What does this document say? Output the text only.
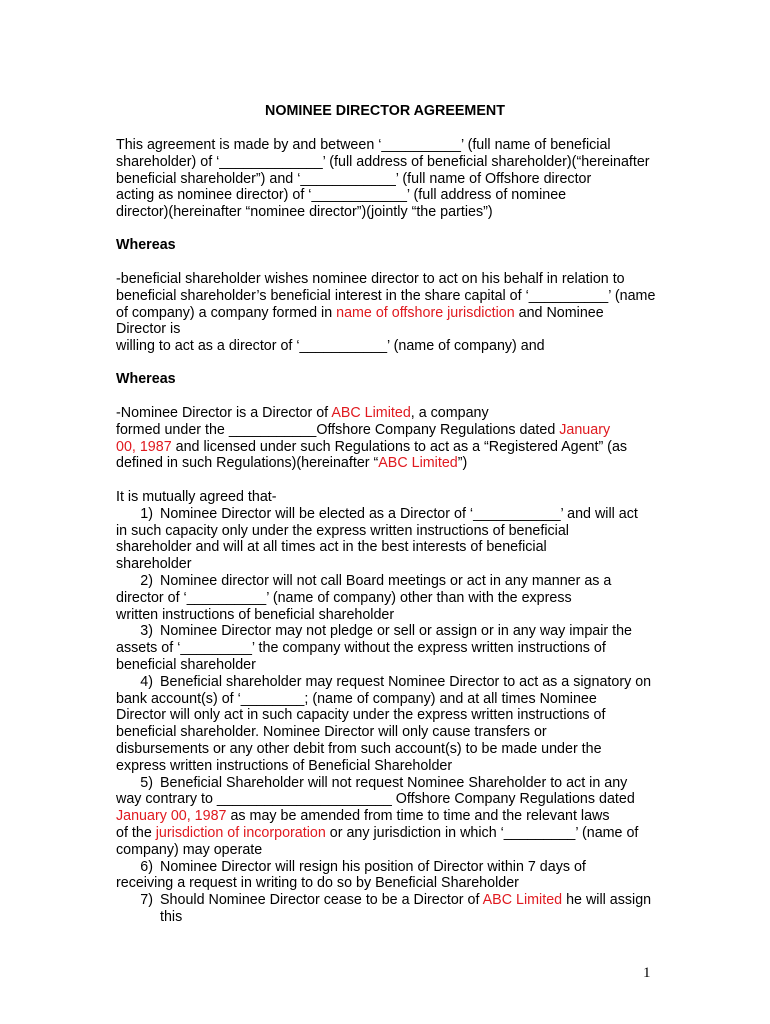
NOMINEE DIRECTOR AGREEMENT
This agreement is made by and between ‘__________’ (full name of beneficial
shareholder) of ‘_____________’ (full address of beneficial shareholder)(“hereinafter
beneficial shareholder”) and ‘____________’ (full name of Offshore director
acting as nominee director) of ‘____________’ (full address of nominee
director)(hereinafter “nominee director”)(jointly “the parties”)
Whereas
-beneficial shareholder wishes nominee director to act on his behalf in relation to
beneficial shareholder’s beneficial interest in the share capital of ‘__________’ (name
of company) a company formed in name of offshore jurisdiction and Nominee
Director is
willing to act as a director of ‘___________’ (name of company) and
Whereas
-Nominee Director is a Director of ABC Limited, a company
formed under the ___________Offshore Company Regulations dated January
00, 1987 and licensed under such Regulations to act as a “Registered Agent” (as
defined in such Regulations)(hereinafter “ABC Limited”)
It is mutually agreed that-
1) Nominee Director will be elected as a Director of ‘___________’ and will act
in such capacity only under the express written instructions of beneficial
shareholder and will at all times act in the best interests of beneficial
shareholder
2) Nominee director will not call Board meetings or act in any manner as a
director of ‘__________’ (name of company) other than with the express
written instructions of beneficial shareholder
3) Nominee Director may not pledge or sell or assign or in any way impair the
assets of ‘_________’ the company without the express written instructions of
beneficial shareholder
4) Beneficial shareholder may request Nominee Director to act as a signatory on
bank account(s) of ‘________; (name of company) and at all times Nominee
Director will only act in such capacity under the express written instructions of
beneficial shareholder. Nominee Director will only cause transfers or
disbursements or any other debit from such account(s) to be made under the
express written instructions of Beneficial Shareholder
5) Beneficial Shareholder will not request Nominee Shareholder to act in any
way contrary to ______________________ Offshore Company Regulations dated
January 00, 1987 as may be amended from time to time and the relevant laws
of the jurisdiction of incorporation or any jurisdiction in which ‘_________’ (name of
company) may operate
6) Nominee Director will resign his position of Director within 7 days of
receiving a request in writing to do so by Beneficial Shareholder
7) Should Nominee Director cease to be a Director of ABC Limited he will assign
this
1
